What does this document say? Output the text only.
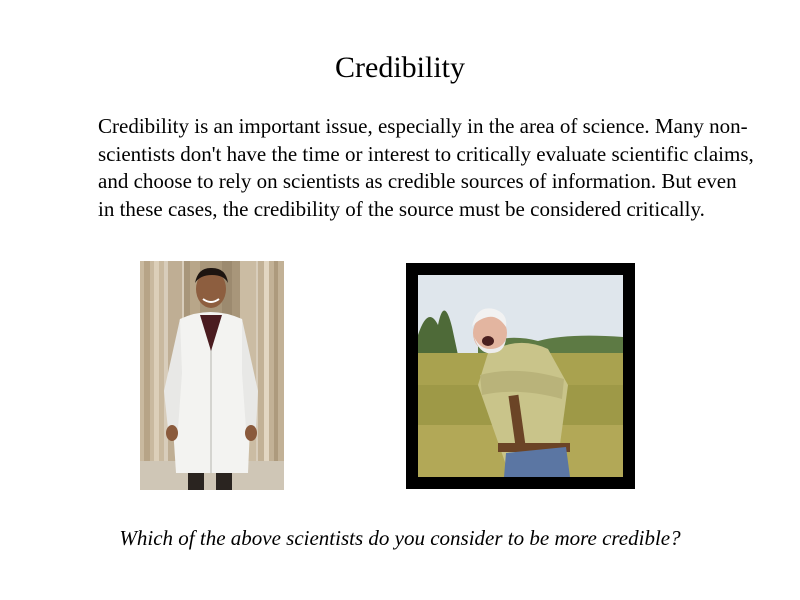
Credibility
Credibility is an important issue, especially in the area of science. Many non-scientists don't have the time or interest to critically evaluate scientific claims, and choose to rely on scientists as credible sources of information. But even in these cases, the credibility of the source must be considered critically.
Which of the above scientists do you consider to be more credible?
